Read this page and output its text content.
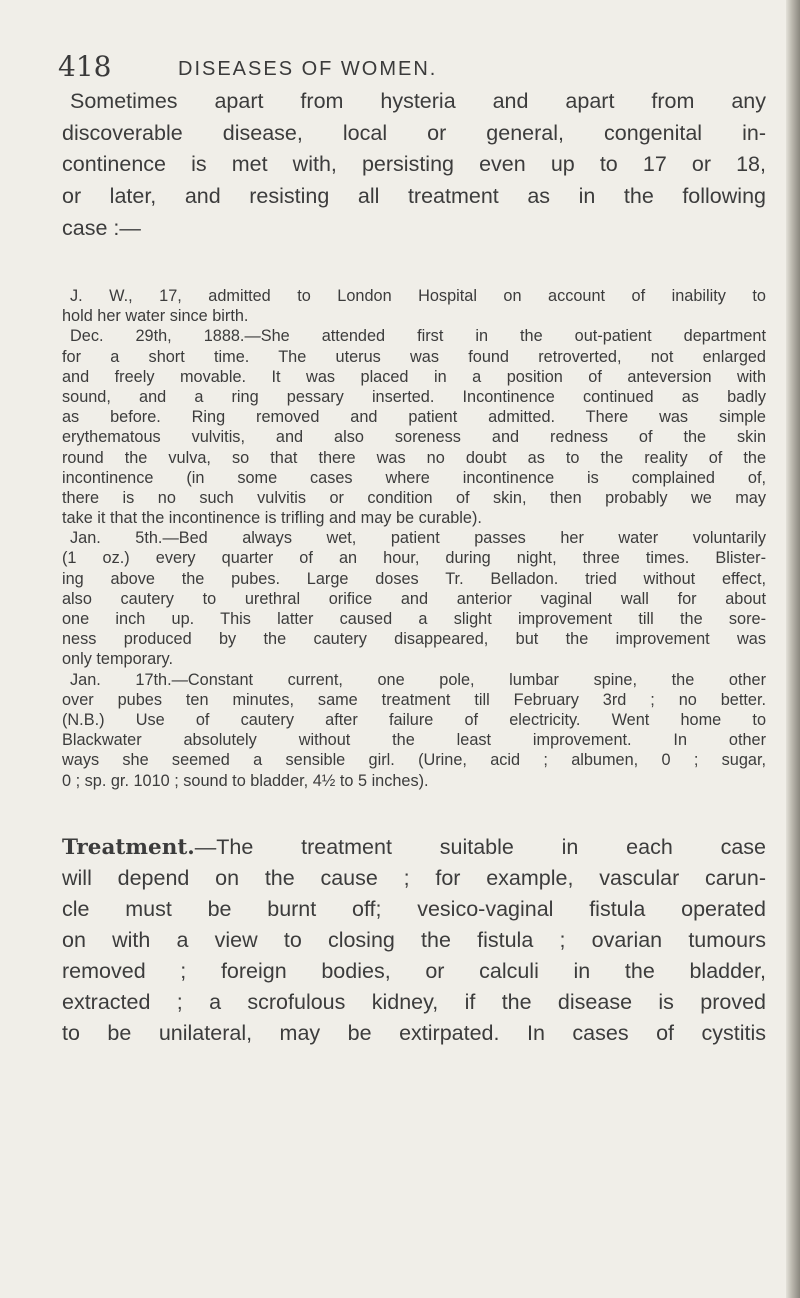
418	DISEASES OF WOMEN.
Sometimes apart from hysteria and apart from any
discoverable disease, local or general, congenital in-
continence is met with, persisting even up to 17 or 18,
or later, and resisting all treatment as in the following
case :—
J. W., 17, admitted to London Hospital on account of inability to
hold her water since birth.
Dec. 29th, 1888.—She attended first in the out-patient department
for a short time. The uterus was found retroverted, not enlarged
and freely movable. It was placed in a position of anteversion with
sound, and a ring pessary inserted. Incontinence continued as badly
as before. Ring removed and patient admitted. There was simple
erythematous vulvitis, and also soreness and redness of the skin
round the vulva, so that there was no doubt as to the reality of the
incontinence (in some cases where incontinence is complained of,
there is no such vulvitis or condition of skin, then probably we may
take it that the incontinence is trifling and may be curable).
Jan. 5th.—Bed always wet, patient passes her water voluntarily
(1 oz.) every quarter of an hour, during night, three times. Blister-
ing above the pubes. Large doses Tr. Belladon. tried without effect,
also cautery to urethral orifice and anterior vaginal wall for about
one inch up. This latter caused a slight improvement till the sore-
ness produced by the cautery disappeared, but the improvement was
only temporary.
Jan. 17th.—Constant current, one pole, lumbar spine, the other
over pubes ten minutes, same treatment till February 3rd ; no better.
(N.B.) Use of cautery after failure of electricity. Went home to
Blackwater absolutely without the least improvement. In other
ways she seemed a sensible girl. (Urine, acid ; albumen, 0 ; sugar,
0 ; sp. gr. 1010 ; sound to bladder, 4½ to 5 inches).
Treatment.—The treatment suitable in each case
will depend on the cause ; for example, vascular carun-
cle must be burnt off; vesico-vaginal fistula operated
on with a view to closing the fistula ; ovarian tumours
removed ; foreign bodies, or calculi in the bladder,
extracted ; a scrofulous kidney, if the disease is proved
to be unilateral, may be extirpated. In cases of cystitis
